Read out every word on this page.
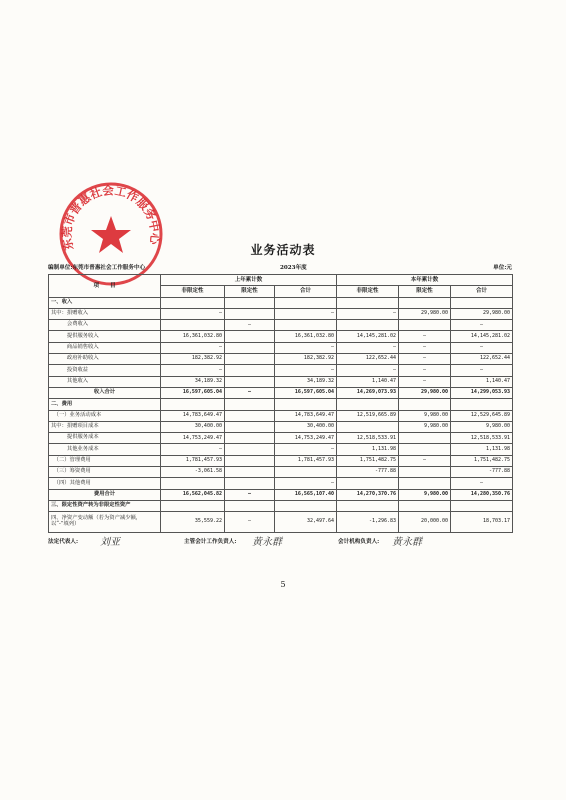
东莞市普惠社会工作服务中心
业务活动表
编制单位:东莞市普惠社会工作服务中心	2023年度	单位:元
项　　目	上年累计数			本年累计数		
	非限定性	限定性	合计	非限定性	限定性	合计
一、收入						
其中：捐赠收入	–		–	–	29,980.00	29,980.00
　　　会费收入		–				–
　　　提供服务收入	16,361,032.80		16,361,032.80	14,145,281.02	–	14,145,281.02
　　　商品销售收入	–		–	–	–	–
　　　政府补助收入	182,382.92		182,382.92	122,652.44	–	122,652.44
　　　投资收益	–		–	–	–	–
　　　其他收入	34,189.32		34,189.32	1,140.47	–	1,140.47
收入合计	16,597,605.04	–	16,597,605.04	14,269,073.93	29,980.00	14,299,053.93
二、费用						
　（一）业务活动成本	14,783,649.47		14,783,649.47	12,519,665.89	9,980.00	12,529,645.89
其中：捐赠项目成本	30,400.00		30,400.00		9,980.00	9,980.00
　　　提供服务成本	14,753,249.47		14,753,249.47	12,518,533.91		12,518,533.91
　　　其他业务成本	–		–	1,131.98		1,131.98
　（二）管理费用	1,781,457.93		1,781,457.93	1,751,482.75	–	1,751,482.75
　（三）筹资费用	-3,061.58			-777.88		-777.88
　（四）其他费用			–			–
费用合计	16,562,045.82	–	16,565,107.40	14,270,370.76	9,980.00	14,280,350.76
三、限定性资产转为非限定性资产						
四、净资产变动额（若为资产减少额，以“-”填列）	35,559.22	–	32,497.64	-1,296.83	20,000.00	18,703.17
法定代表人: 刘亚	主管会计工作负责人: 黄永群	会计机构负责人: 黄永群
5
